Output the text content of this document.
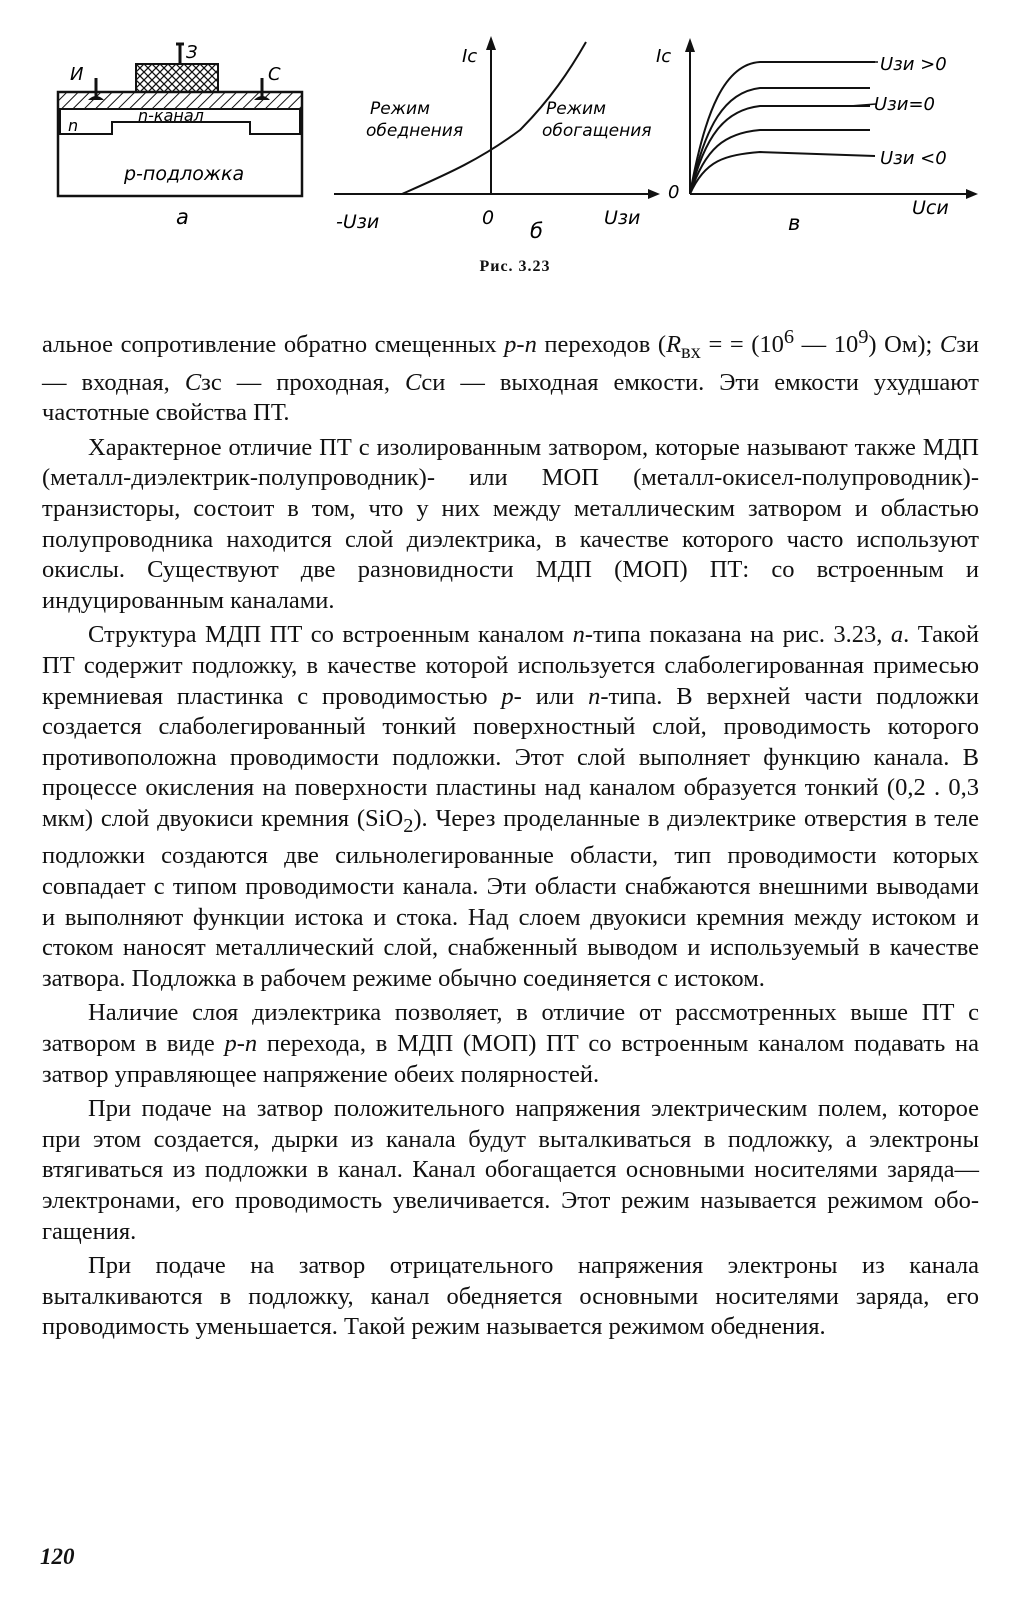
И
З
С
n
n-канал
p-подложка
а
Iс
Режим
обеднения
Режим
обогащения
-Uзи	0
б
Uзи
Iс	Uзи >0
Uзи=0
Uзи <0
0
Uси
в
Рис. 3.23

альное сопротивление обратно смещенных p-n переходов ($R_{вх}$ = = ($10^6$ — $10^9$) Ом); Сзи — входная, Сзс — проходная, Сси — выходная емкости. Эти емкости ухудшают частотные свойства ПТ.

Характерное отличие ПТ с изолированным затвором, которые называют также МДП (металл-диэлектрик-полупроводник)- или МОП (металл-окисел-полупроводник)-транзисторы, состоит в том, что у них между металлическим затвором и областью полупроводника находится слой диэлектрика, в качестве которого часто используют окислы. Существуют две разновидности МДП (МОП) ПТ: со встроенным и индуцированным каналами.

Структура МДП ПТ со встроенным каналом n-типа показана на рис. 3.23, а. Такой ПТ содержит подложку, в качестве которой используется слаболегированная примесью кремниевая пластинка с проводимостью p- или n-типа. В верхней части подложки создается слаболегированный тонкий поверхностный слой, проводимость которого противоположна проводимости подложки. Этот слой выполняет функцию канала. В процессе окисления на поверхности пластины над каналом образуется тонкий (0,2 . 0,3 мкм) слой двуокиси кремния (SiO$_2$). Через проделанные в диэлектрике отверстия в теле подложки создаются две сильнолегированные области, тип проводимости которых совпадает с типом проводимости канала. Эти области снабжаются внешними выводами и выполняют функции истока и стока. Над слоем двуокиси кремния между истоком и стоком наносят металлический слой, снабженный выводом и используемый в качестве затвора. Подложка в рабочем режиме обычно соединяется с истоком.

Наличие слоя диэлектрика позволяет, в отличие от рассмотренных выше ПТ с затвором в виде p-n перехода, в МДП (МОП) ПТ со встроенным каналом подавать на затвор управляющее напряжение обеих полярностей.

При подаче на затвор положительного напряжения электрическим полем, которое при этом создается, дырки из канала будут выталкиваться в подложку, а электроны втягиваться из подложки в канал. Канал обогащается основными носителями заряда—электронами, его проводимость увеличивается. Этот режим называется режимом обогащения.

При подаче на затвор отрицательного напряжения электроны из канала выталкиваются в подложку, канал обедняется основными носителями заряда, его проводимость уменьшается. Такой режим называется режимом обеднения.

120
